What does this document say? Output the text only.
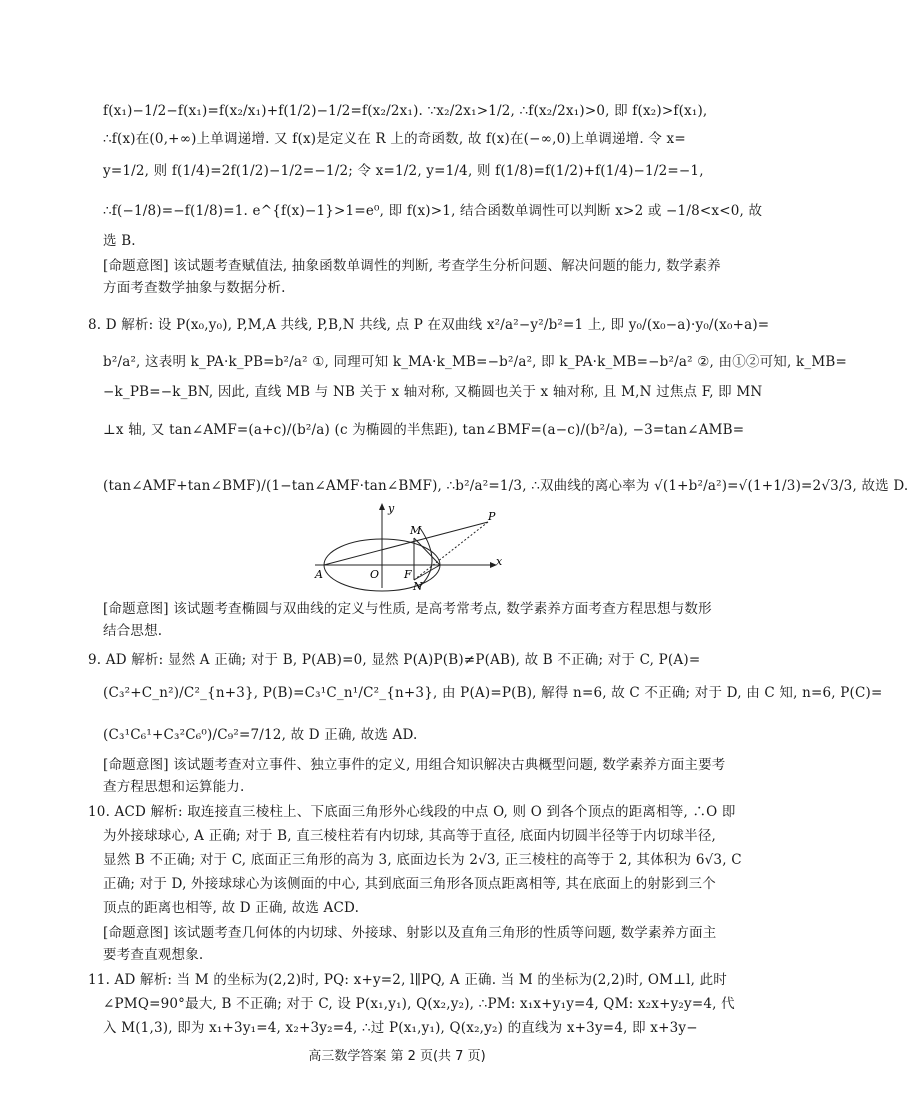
f(x₁)−1/2−f(x₁)=f(x₂/x₁)+f(1/2)−1/2=f(x₂/2x₁). ∵x₂/2x₁>1/2, ∴f(x₂/2x₁)>0, 即 f(x₂)>f(x₁),
∴f(x)在(0,+∞)上单调递增. 又 f(x)是定义在 R 上的奇函数, 故 f(x)在(−∞,0)上单调递增. 令 x=
y=1/2, 则 f(1/4)=2f(1/2)−1/2=−1/2; 令 x=1/2, y=1/4, 则 f(1/8)=f(1/2)+f(1/4)−1/2=−1,
∴f(−1/8)=−f(1/8)=1. e^{f(x)−1}>1=e⁰, 即 f(x)>1, 结合函数单调性可以判断 x>2 或 −1/8<x<0, 故
选 B.
[命题意图] 该试题考查赋值法, 抽象函数单调性的判断, 考查学生分析问题、解决问题的能力, 数学素养
方面考查数学抽象与数据分析.
8. D 解析: 设 P(x₀,y₀), P,M,A 共线, P,B,N 共线, 点 P 在双曲线 x²/a²−y²/b²=1 上, 即 y₀/(x₀−a)·y₀/(x₀+a)=
b²/a², 这表明 k_PA·k_PB=b²/a² ①, 同理可知 k_MA·k_MB=−b²/a², 即 k_PA·k_MB=−b²/a² ②, 由①②可知, k_MB=
−k_PB=−k_BN, 因此, 直线 MB 与 NB 关于 x 轴对称, 又椭圆也关于 x 轴对称, 且 M,N 过焦点 F, 即 MN
⊥x 轴, 又 tan∠AMF=(a+c)/(b²/a) (c 为椭圆的半焦距), tan∠BMF=(a−c)/(b²/a), −3=tan∠AMB=
(tan∠AMF+tan∠BMF)/(1−tan∠AMF·tan∠BMF), ∴b²/a²=1/3, ∴双曲线的离心率为 √(1+b²/a²)=√(1+1/3)=2√3/3, 故选 D.
[命题意图] 该试题考查椭圆与双曲线的定义与性质, 是高考常考点, 数学素养方面考查方程思想与数形
结合思想.
9. AD 解析: 显然 A 正确; 对于 B, P(AB)=0, 显然 P(A)P(B)≠P(AB), 故 B 不正确; 对于 C, P(A)=
(C₃²+C_n²)/C²_{n+3}, P(B)=C₃¹C_n¹/C²_{n+3}, 由 P(A)=P(B), 解得 n=6, 故 C 不正确; 对于 D, 由 C 知, n=6, P(C)=
(C₃¹C₆¹+C₃²C₆⁰)/C₉²=7/12, 故 D 正确, 故选 AD.
[命题意图] 该试题考查对立事件、独立事件的定义, 用组合知识解决古典概型问题, 数学素养方面主要考
查方程思想和运算能力.
10. ACD 解析: 取连接直三棱柱上、下底面三角形外心线段的中点 O, 则 O 到各个顶点的距离相等, ∴O 即
为外接球球心, A 正确; 对于 B, 直三棱柱若有内切球, 其高等于直径, 底面内切圆半径等于内切球半径,
显然 B 不正确; 对于 C, 底面正三角形的高为 3, 底面边长为 2√3, 正三棱柱的高等于 2, 其体积为 6√3, C
正确; 对于 D, 外接球球心为该侧面的中心, 其到底面三角形各顶点距离相等, 其在底面上的射影到三个
顶点的距离也相等, 故 D 正确, 故选 ACD.
[命题意图] 该试题考查几何体的内切球、外接球、射影以及直角三角形的性质等问题, 数学素养方面主
要考查直观想象.
11. AD 解析: 当 M 的坐标为(2,2)时, PQ: x+y=2, l∥PQ, A 正确. 当 M 的坐标为(2,2)时, OM⊥l, 此时
∠PMQ=90°最大, B 不正确; 对于 C, 设 P(x₁,y₁), Q(x₂,y₂), ∴PM: x₁x+y₁y=4, QM: x₂x+y₂y=4, 代
入 M(1,3), 即为 x₁+3y₁=4, x₂+3y₂=4, ∴过 P(x₁,y₁), Q(x₂,y₂) 的直线为 x+3y=4, 即 x+3y−
A	O F
N
M
P
x
y
高三数学答案 第 2 页(共 7 页)
